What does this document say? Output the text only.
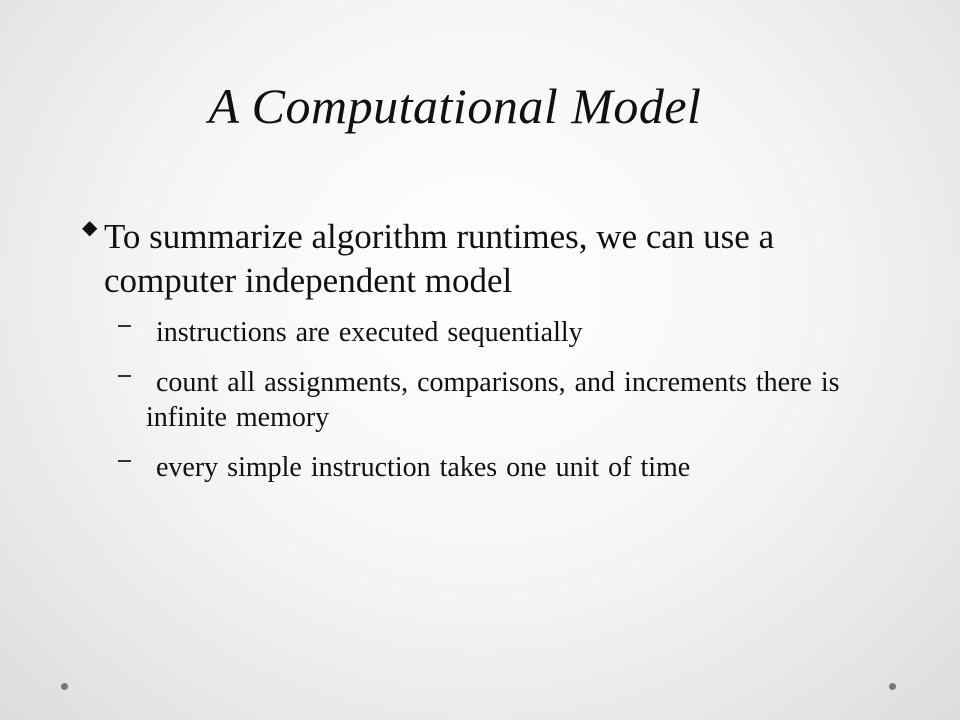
A Computational Model
◆ To summarize algorithm runtimes, we can use a computer independent model
instructions are executed sequentially
count all assignments, comparisons, and increments there is infinite memory
every simple instruction takes one unit of time
